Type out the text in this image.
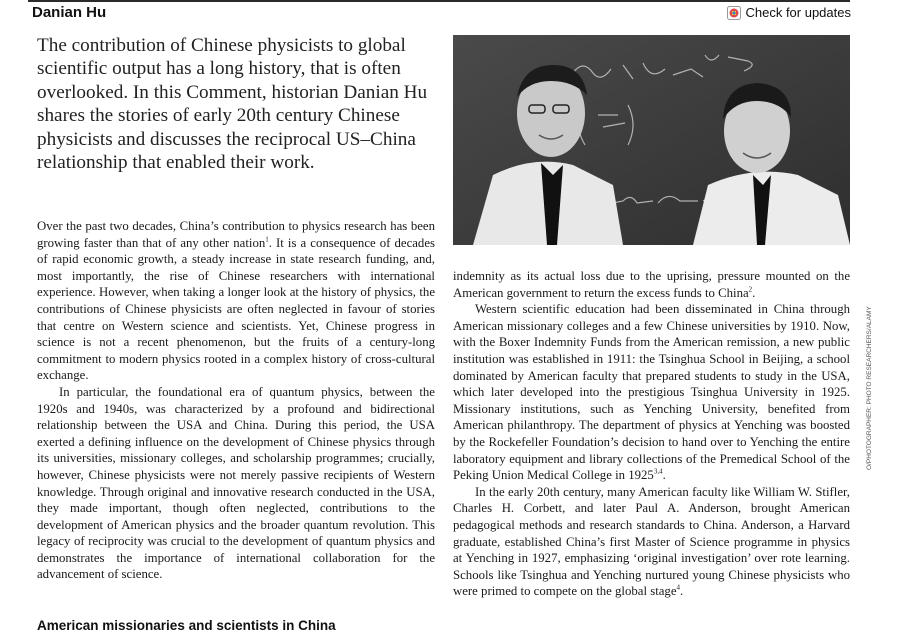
Danian Hu	Check for updates
The contribution of Chinese physicists to global scientific output has a long history, that is often overlooked. In this Comment, historian Danian Hu shares the stories of early 20th century Chinese physicists and discusses the reciprocal US–China relationship that enabled their work.
O/PHOTOGRAPHER: PHOTO RESEARCHERS/ALAMY

Over the past two decades, China’s contribution to physics research has been growing faster than that of any other nation$^1$. It is a consequence of decades of rapid economic growth, a steady increase in state research funding, and, most importantly, the rise of Chinese researchers with international experience. However, when taking a longer look at the history of physics, the contributions of Chinese physicists are often neglected in favour of stories that centre on Western science and scientists. Yet, Chinese progress in science is not a recent phenomenon, but the fruits of a century-long commitment to modern physics rooted in a complex history of cross-cultural exchange.

In particular, the foundational era of quantum physics, between the 1920s and 1940s, was characterized by a profound and bidirectional relationship between the USA and China. During this period, the USA exerted a defining influence on the development of Chinese physics through its universities, missionary colleges, and scholarship programmes; crucially, however, Chinese physicists were not merely passive recipients of Western knowledge. Through original and innovative research conducted in the USA, they made important, though often neglected, contributions to the development of American physics and the broader quantum revolution. This legacy of reciprocity was crucial to the development of quantum physics and demonstrates the importance of international collaboration for the advancement of science.

American missionaries and scientists in China

indemnity as its actual loss due to the uprising, pressure mounted on the American government to return the excess funds to China$^2$.

Western scientific education had been disseminated in China through American missionary colleges and a few Chinese universities by 1910. Now, with the Boxer Indemnity Funds from the American remission, a new public institution was established in 1911: the Tsinghua School in Beijing, a school dominated by American faculty that prepared students to study in the USA, which later developed into the prestigious Tsinghua University in 1925. Missionary institutions, such as Yenching University, benefited from American philanthropy. The department of physics at Yenching was boosted by the Rockefeller Foundation’s decision to hand over to Yenching the entire laboratory equipment and library collections of the Premedical School of the Peking Union Medical College in 1925$^{3,4}$.

In the early 20th century, many American faculty like William W. Stifler, Charles H. Corbett, and later Paul A. Anderson, brought American pedagogical methods and research standards to China. Anderson, a Harvard graduate, established China’s first Master of Science programme in physics at Yenching in 1927, emphasizing ‘original investigation’ over rote learning. Schools like Tsinghua and Yenching nurtured young Chinese physicists who were primed to compete on the global stage$^4$.
